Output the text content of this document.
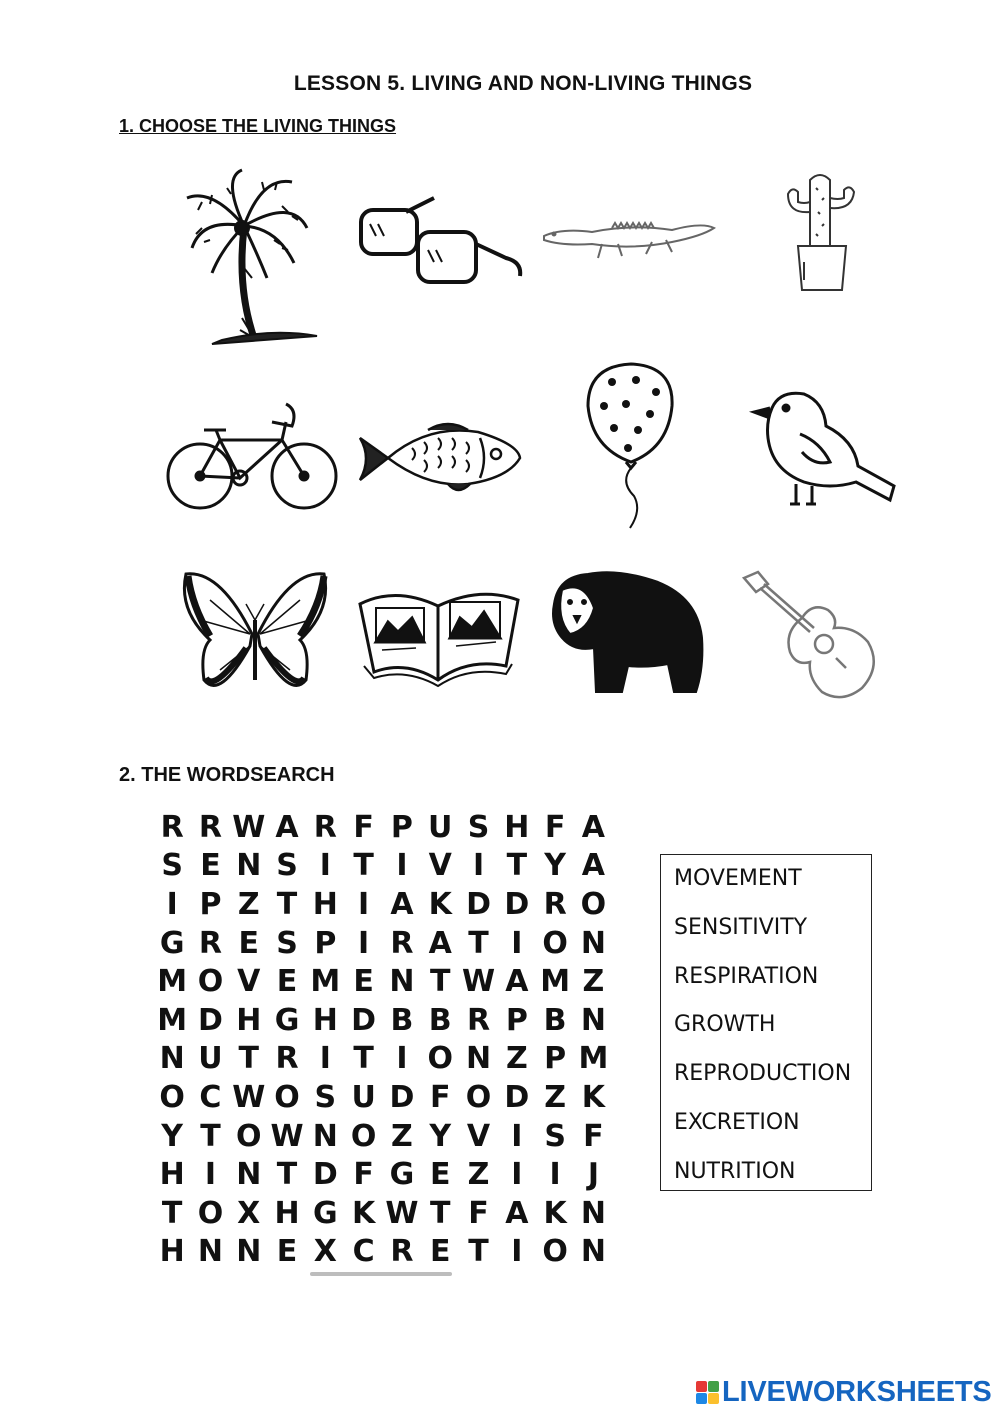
LESSON 5. LIVING AND NON-LIVING THINGS
1. CHOOSE THE LIVING THINGS
2. THE WORDSEARCH
R R W A R F P U S H F A
S E N S I T I V I T Y A
I P Z T H I A K D D R O
G R E S P I R A T I O N
M O V E M E N T W A M Z
M D H G H D B B R P B N
N U T R I T I O N Z P M
O C W O S U D F O D Z K
Y T O W N O Z Y V I S F
H I N T D F G E Z I I J
T O X H G K W T F A K N
H N N E X C R E T I O N
MOVEMENT
SENSITIVITY
RESPIRATION
GROWTH
REPRODUCTION
EXCRETION
NUTRITION
LIVEWORKSHEETS
